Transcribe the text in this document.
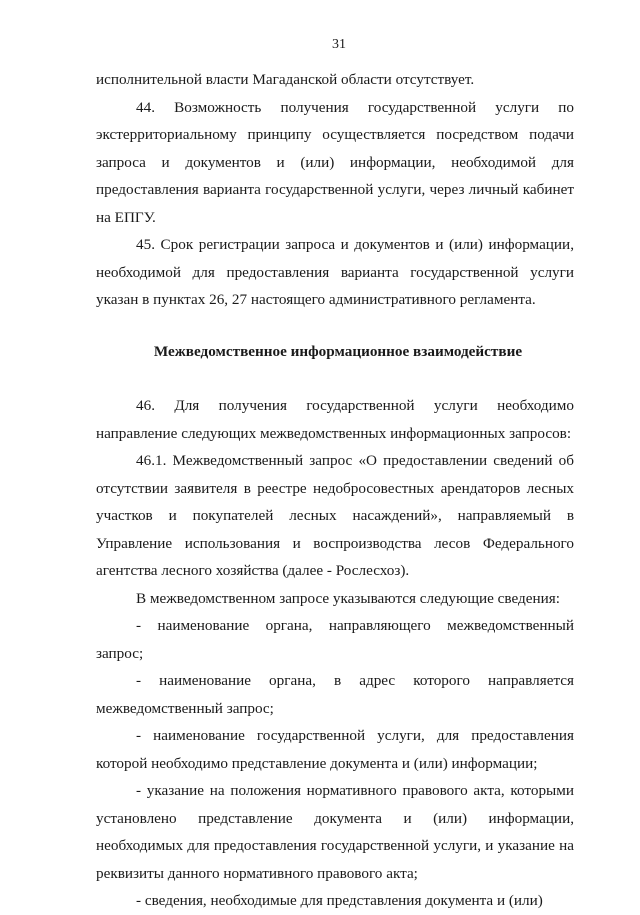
31

исполнительной власти Магаданской области отсутствует.

44. Возможность получения государственной услуги по экстерриториальному принципу осуществляется посредством подачи запроса и документов и (или) информации, необходимой для предоставления варианта государственной услуги, через личный кабинет на ЕПГУ.

45. Срок регистрации запроса и документов и (или) информации, необходимой для предоставления варианта государственной услуги указан в пунктах 26, 27 настоящего административного регламента.

Межведомственное информационное взаимодействие

46. Для получения государственной услуги необходимо направление следующих межведомственных информационных запросов:

46.1. Межведомственный запрос «О предоставлении сведений об отсутствии заявителя в реестре недобросовестных арендаторов лесных участков и покупателей лесных насаждений», направляемый в Управление использования и воспроизводства лесов Федерального агентства лесного хозяйства (далее - Рослесхоз).

В межведомственном запросе указываются следующие сведения:

- наименование органа, направляющего межведомственный запрос;

- наименование органа, в адрес которого направляется межведомственный запрос;

- наименование государственной услуги, для предоставления которой необходимо представление документа и (или) информации;

- указание на положения нормативного правового акта, которыми установлено представление документа и (или) информации, необходимых для предоставления государственной услуги, и указание на реквизиты данного нормативного правового акта;

- сведения, необходимые для представления документа и (или)
